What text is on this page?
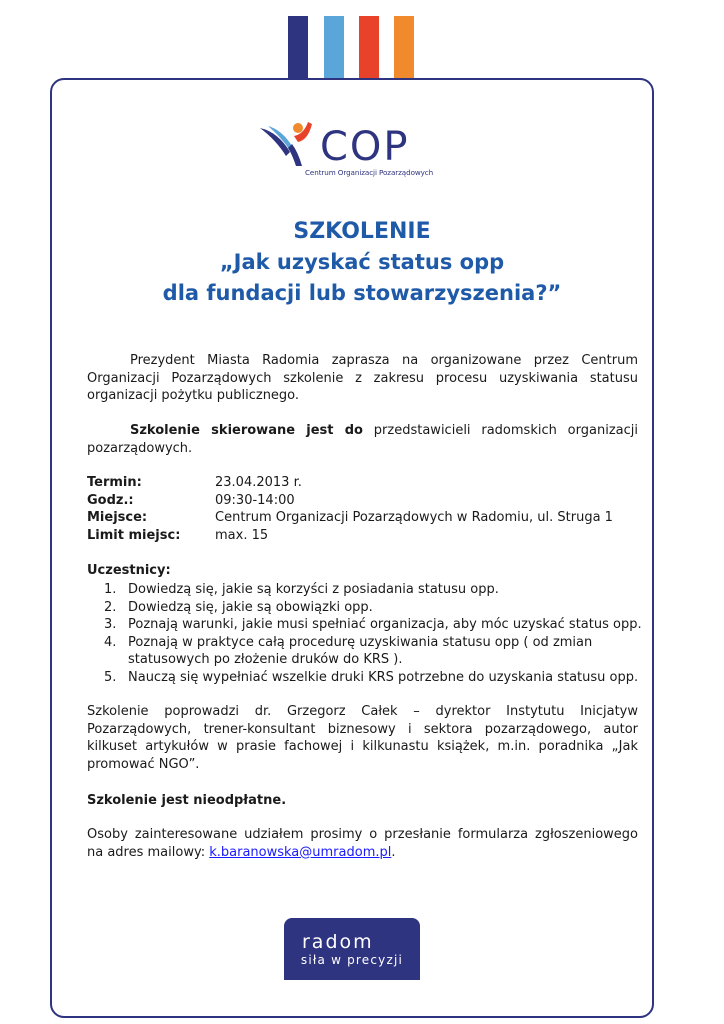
COP
Centrum Organizacji Pozarządowych
SZKOLENIE
„Jak uzyskać status opp
dla fundacji lub stowarzyszenia?”

Prezydent Miasta Radomia zaprasza na organizowane przez Centrum Organizacji Pozarządowych szkolenie z zakresu procesu uzyskiwania statusu organizacji pożytku publicznego.

Szkolenie skierowane jest do przedstawicieli radomskich organizacji pozarządowych.

Termin:	23.04.2013 r.
Godz.:	09:30-14:00
Miejsce:	Centrum Organizacji Pozarządowych w Radomiu, ul. Struga 1
Limit miejsc:	max. 15
Uczestnicy:
1. Dowiedzą się, jakie są korzyści z posiadania statusu opp.
2. Dowiedzą się, jakie są obowiązki opp.
3. Poznają warunki, jakie musi spełniać organizacja, aby móc uzyskać status opp.
4. Poznają w praktyce całą procedurę uzyskiwania statusu opp ( od zmian statusowych po złożenie druków do KRS ).
5. Nauczą się wypełniać wszelkie druki KRS potrzebne do uzyskania statusu opp.

Szkolenie poprowadzi dr. Grzegorz Całek – dyrektor Instytutu Inicjatyw Pozarządowych, trener-konsultant biznesowy i sektora pozarządowego, autor kilkuset artykułów w prasie fachowej i kilkunastu książek, m.in. poradnika „Jak promować NGO”.

Szkolenie jest nieodpłatne.

Osoby zainteresowane udziałem prosimy o przesłanie formularza zgłoszeniowego na adres mailowy: k.baranowska@umradom.pl.

radom
siła w precyzji
